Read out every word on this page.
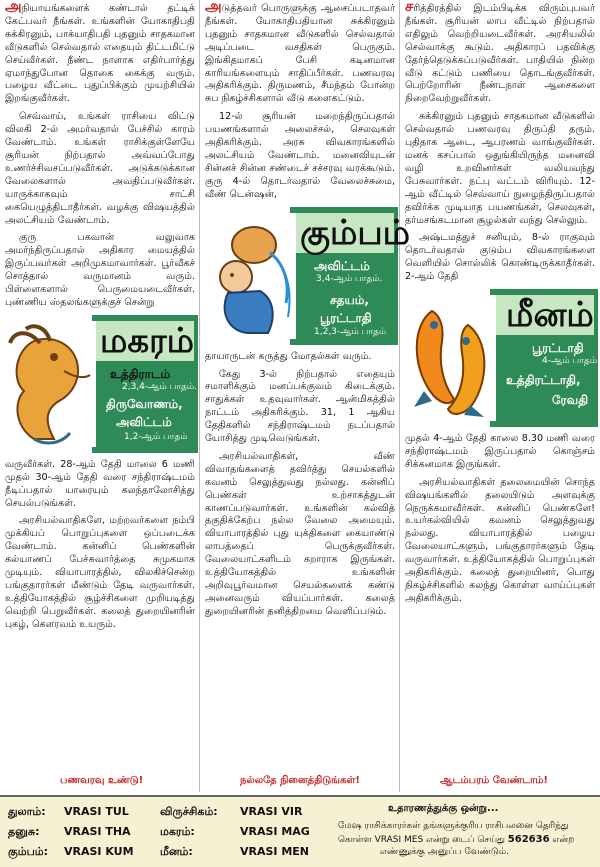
அநியாயங்களைக் கண்டால் தட்டிக் கேட்பவர் நீங்கள். உங்களின் யோகாதிபதி சுக்கிரனும், பாக்யாதிபதி புதனும் சாதகமான வீடுகளில் செல்வதால் எதையும் திட்டமிட்டு செய்வீர்கள். நீண்ட நாளாக எதிர்பார்த்து ஏமாந்துபோன தொகை கைக்கு வரும். பழைய வீட்டை புதுப்பிக்கும் முயற்சியில் இறங்குவீர்கள்.

செவ்வாய், உங்கள் ராசியை விட்டு விலகி 2-ல் அமர்வதால் பேச்சில் காரம் வேண்டாம். உங்கள் ராசிக்குள்ளேயே சூரியன் நிற்பதால் அவ்வப்போது உணர்ச்சிவசப்படுவீர்கள். அடுக்கடுக்கான வேலைகளால் அவதிப்படுவீர்கள். யாருக்காகவும் சாட்சி கையெழுத்திடாதீர்கள். வழக்கு விஷயத்தில் அலட்சியம் வேண்டாம்.

குரு பகவான் வலுவாக அமர்ந்திருப்பதால் அதிகார மையத்தில் இருப்பவர்கள் அறிமுகமாவார்கள். பூர்வீகச் சொத்தால் வருமானம் வரும். பிள்ளைகளால் பெருமையடைவீர்கள். புண்ணிய ஸ்தலங்களுக்குச் சென்று

மகரம்
உத்திராடம்
2,3,4-ஆம் பாதம்.
திருவோணம்,
அவிட்டம்
1,2-ஆம் பாதம்

வருவீர்கள். 28-ஆம் தேதி மாலை 6 மணி முதல் 30-ஆம் தேதி வரை சந்திராஷ்டமம் நீடிப்பதால் யாரையும் கலந்தாலோசித்து செயல்படுங்கள்.

அரசியல்வாதிகளே, மற்றவர்களை நம்பி முக்கியப் பொறுப்புகளை ஒப்படைக்க வேண்டாம். கன்னிப் பெண்களின் கல்யாணப் பேச்சுவார்த்தை சுமுகமாக முடியும். வியாபாரத்தில், விலகிச்சென்ற பங்குதாரர்கள் மீண்டும் தேடி வருவார்கள். உத்தியோகத்தில் சூழ்ச்சிகளை முறியடித்து வெற்றி பெறுவீர்கள். கலைத் துறையினரின் புகழ், கௌரவம் உயரும்.

பணவரவு உண்டு!

அடுத்தவர் பொருளுக்கு ஆசைப்படாதவர் நீங்கள். யோகாதிபதியான சுக்கிரனும் புதனும் சாதகமான வீடுகளில் செல்வதால் அடிப்படை வசதிகள் பெருகும். இங்கிதமாகப் பேசி கடினமான காரியங்களையும் சாதிப்பீர்கள். பணவரவு அதிகரிக்கும். திருமணம், சீமந்தம் போன்ற சுப நிகழ்ச்சிகளால் வீடு களைகட்டும்.

12-ல் சூரியன் மறைந்திருப்பதால் பயணங்களால் அலைச்சல், செலவுகள் அதிகரிக்கும். அரசு விவகாரங்களில் அலட்சியம் வேண்டாம். மனைவியுடன் சின்னச் சின்ன சண்டைச் சச்சரவு வரக்கூடும். குரு 4-ல் தொடர்வதால் வேலைச்சுமை, வீண் டென்ஷன்,

கும்பம்
அவிட்டம்
3,4-ஆம் பாதம்.
சதயம்,
பூரட்டாதி
1,2,3-ஆம் பாதம்

தாயாருடன் கருத்து மோதல்கள் வரும்.

கேது 3-ல் நிற்பதால் எதையும் சமாளிக்கும் மனப்பக்குவம் கிடைக்கும். சாதுக்கள் உதவுவார்கள். ஆன்மிகத்தில் நாட்டம் அதிகரிக்கும். 31, 1 ஆகிய தேதிகளில் சந்திராஷ்டமம் நடப்பதால் யோசித்து முடிவெடுங்கள்.

அரசியல்வாதிகள், வீண் விவாதங்களைத் தவிர்த்து செயல்களில் கவனம் செலுத்துவது நல்லது. கன்னிப் பெண்கள் உற்சாகத்துடன் காணப்படுவார்கள். உங்களின் கல்வித் தகுதிக்கேற்ப நல்ல வேலை அமையும். வியாபாரத்தில் புது யுக்திகளை கையாண்டு லாபத்தைப் பெருக்குவீர்கள். வேலையாட்களிடம் கறாராக இருங்கள். உத்தியோகத்தில் உங்களின் அறிவுபூர்வமான செயல்களைக் கண்டு அனைவரும் வியப்பார்கள். கலைத் துறையினரின் தனித்திறமை வெளிப்படும்.

நல்லதே நினைத்திடுங்கள்!

சரித்திரத்தில் இடம்பிடிக்க விரும்புபவர் நீங்கள். சூரியன் லாப வீட்டில் நிற்பதால் எதிலும் வெற்றியடைவீர்கள். அரசியலில் செல்வாக்கு கூடும். அதிகாரப் பதவிக்கு தேர்ந்தெடுக்கப்படுவீர்கள். பாதியில் நின்ற வீடு கட்டும் பணியை தொடங்குவீர்கள். பெற்றோரின் நீண்டநாள் ஆசைகளை நிறைவேற்றுவீர்கள்.

சுக்கிரனும் புதனும் சாதகமான வீடுகளில் செல்வதால் பணவரவு திருப்தி தரும். புதிதாக ஆடை, ஆபரணம் வாங்குவீர்கள். மனக் கசப்பால் ஒதுங்கியிருந்த மனைவி வழி உறவினர்கள் வலியவந்து பேசுவார்கள். நட்பு வட்டம் விரியும். 12-ஆம் வீட்டில் செவ்வாய் நுழைந்திருப்பதால் தவிர்க்க முடியாத பயணங்கள், செலவுகள், தர்மசங்கடமான சூழல்கள் வந்து செல்லும்.

அஷ்டமத்துச் சனியும், 8-ல் ராகுவும் தொடர்வதால் குடும்ப விவகாரங்களை வெளியில் சொல்லிக் கொண்டிருக்காதீர்கள். 2-ஆம் தேதி

மீனம்
பூரட்டாதி
4-ஆம் பாதம்.
உத்திரட்டாதி,
ரேவதி

முதல் 4-ஆம் தேதி காலை 8.30 மணி வரை சந்திராஷ்டமம் இருப்பதால் கொஞ்சம் சிக்கனமாக இருங்கள்.

அரசியல்வாதிகள் தலைமையின் சொந்த விஷயங்களில் தலையிடும் அளவுக்கு நெருக்கமாவீர்கள். கன்னிப் பெண்களே! உயர்கல்வியில் கவனம் செலுத்துவது நல்லது. வியாபாரத்தில் பழைய வேலையாட்களும், பங்குதாரர்களும் தேடி வருவார்கள். உத்தியோகத்தில் பொறுப்புகள் அதிகரிக்கும். கலைத் துறையினர், பொது நிகழ்ச்சிகளில் கலந்து கொள்ள வாய்ப்புகள் அதிகரிக்கும்.

ஆடம்பரம் வேண்டாம்!
துலாம்: VRASI TUL	விருச்சிகம்: VRASI VIR
தனுசு: VRASI THA	மகரம்:	VRASI MAG
கும்பம்: VRASI KUM மீனம்:	VRASI MEN
உதாரணத்துக்கு ஒன்று...
மேஷ ராசிக்காரர்கள் தங்களுக்குரிய ராசிபலனை தெரிந்து
கொள்ள VRASI MES என்று டைப் செய்து 562636 என்ற
எண்ணுக்கு அனுப்ப வேண்டும்.
